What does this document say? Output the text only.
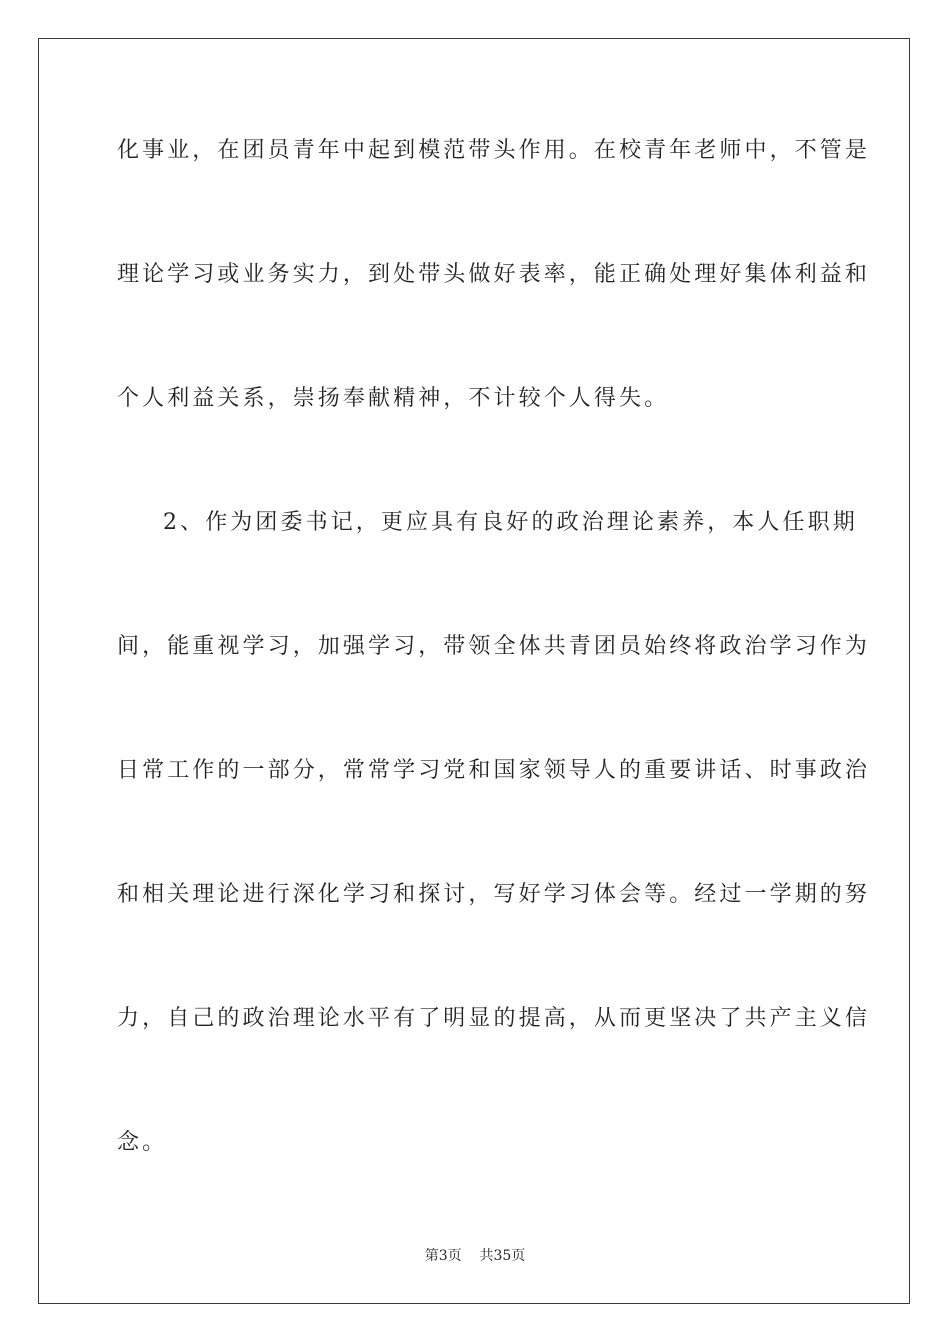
化事业，在团员青年中起到模范带头作用。在校青年老师中，不管是
理论学习或业务实力，到处带头做好表率，能正确处理好集体利益和
个人利益关系，崇扬奉献精神，不计较个人得失。
2、作为团委书记，更应具有良好的政治理论素养，本人任职期
间，能重视学习，加强学习，带领全体共青团员始终将政治学习作为
日常工作的一部分，常常学习党和国家领导人的重要讲话、时事政治
和相关理论进行深化学习和探讨，写好学习体会等。经过一学期的努
力，自己的政治理论水平有了明显的提高，从而更坚决了共产主义信
念。
第3页 共35页
